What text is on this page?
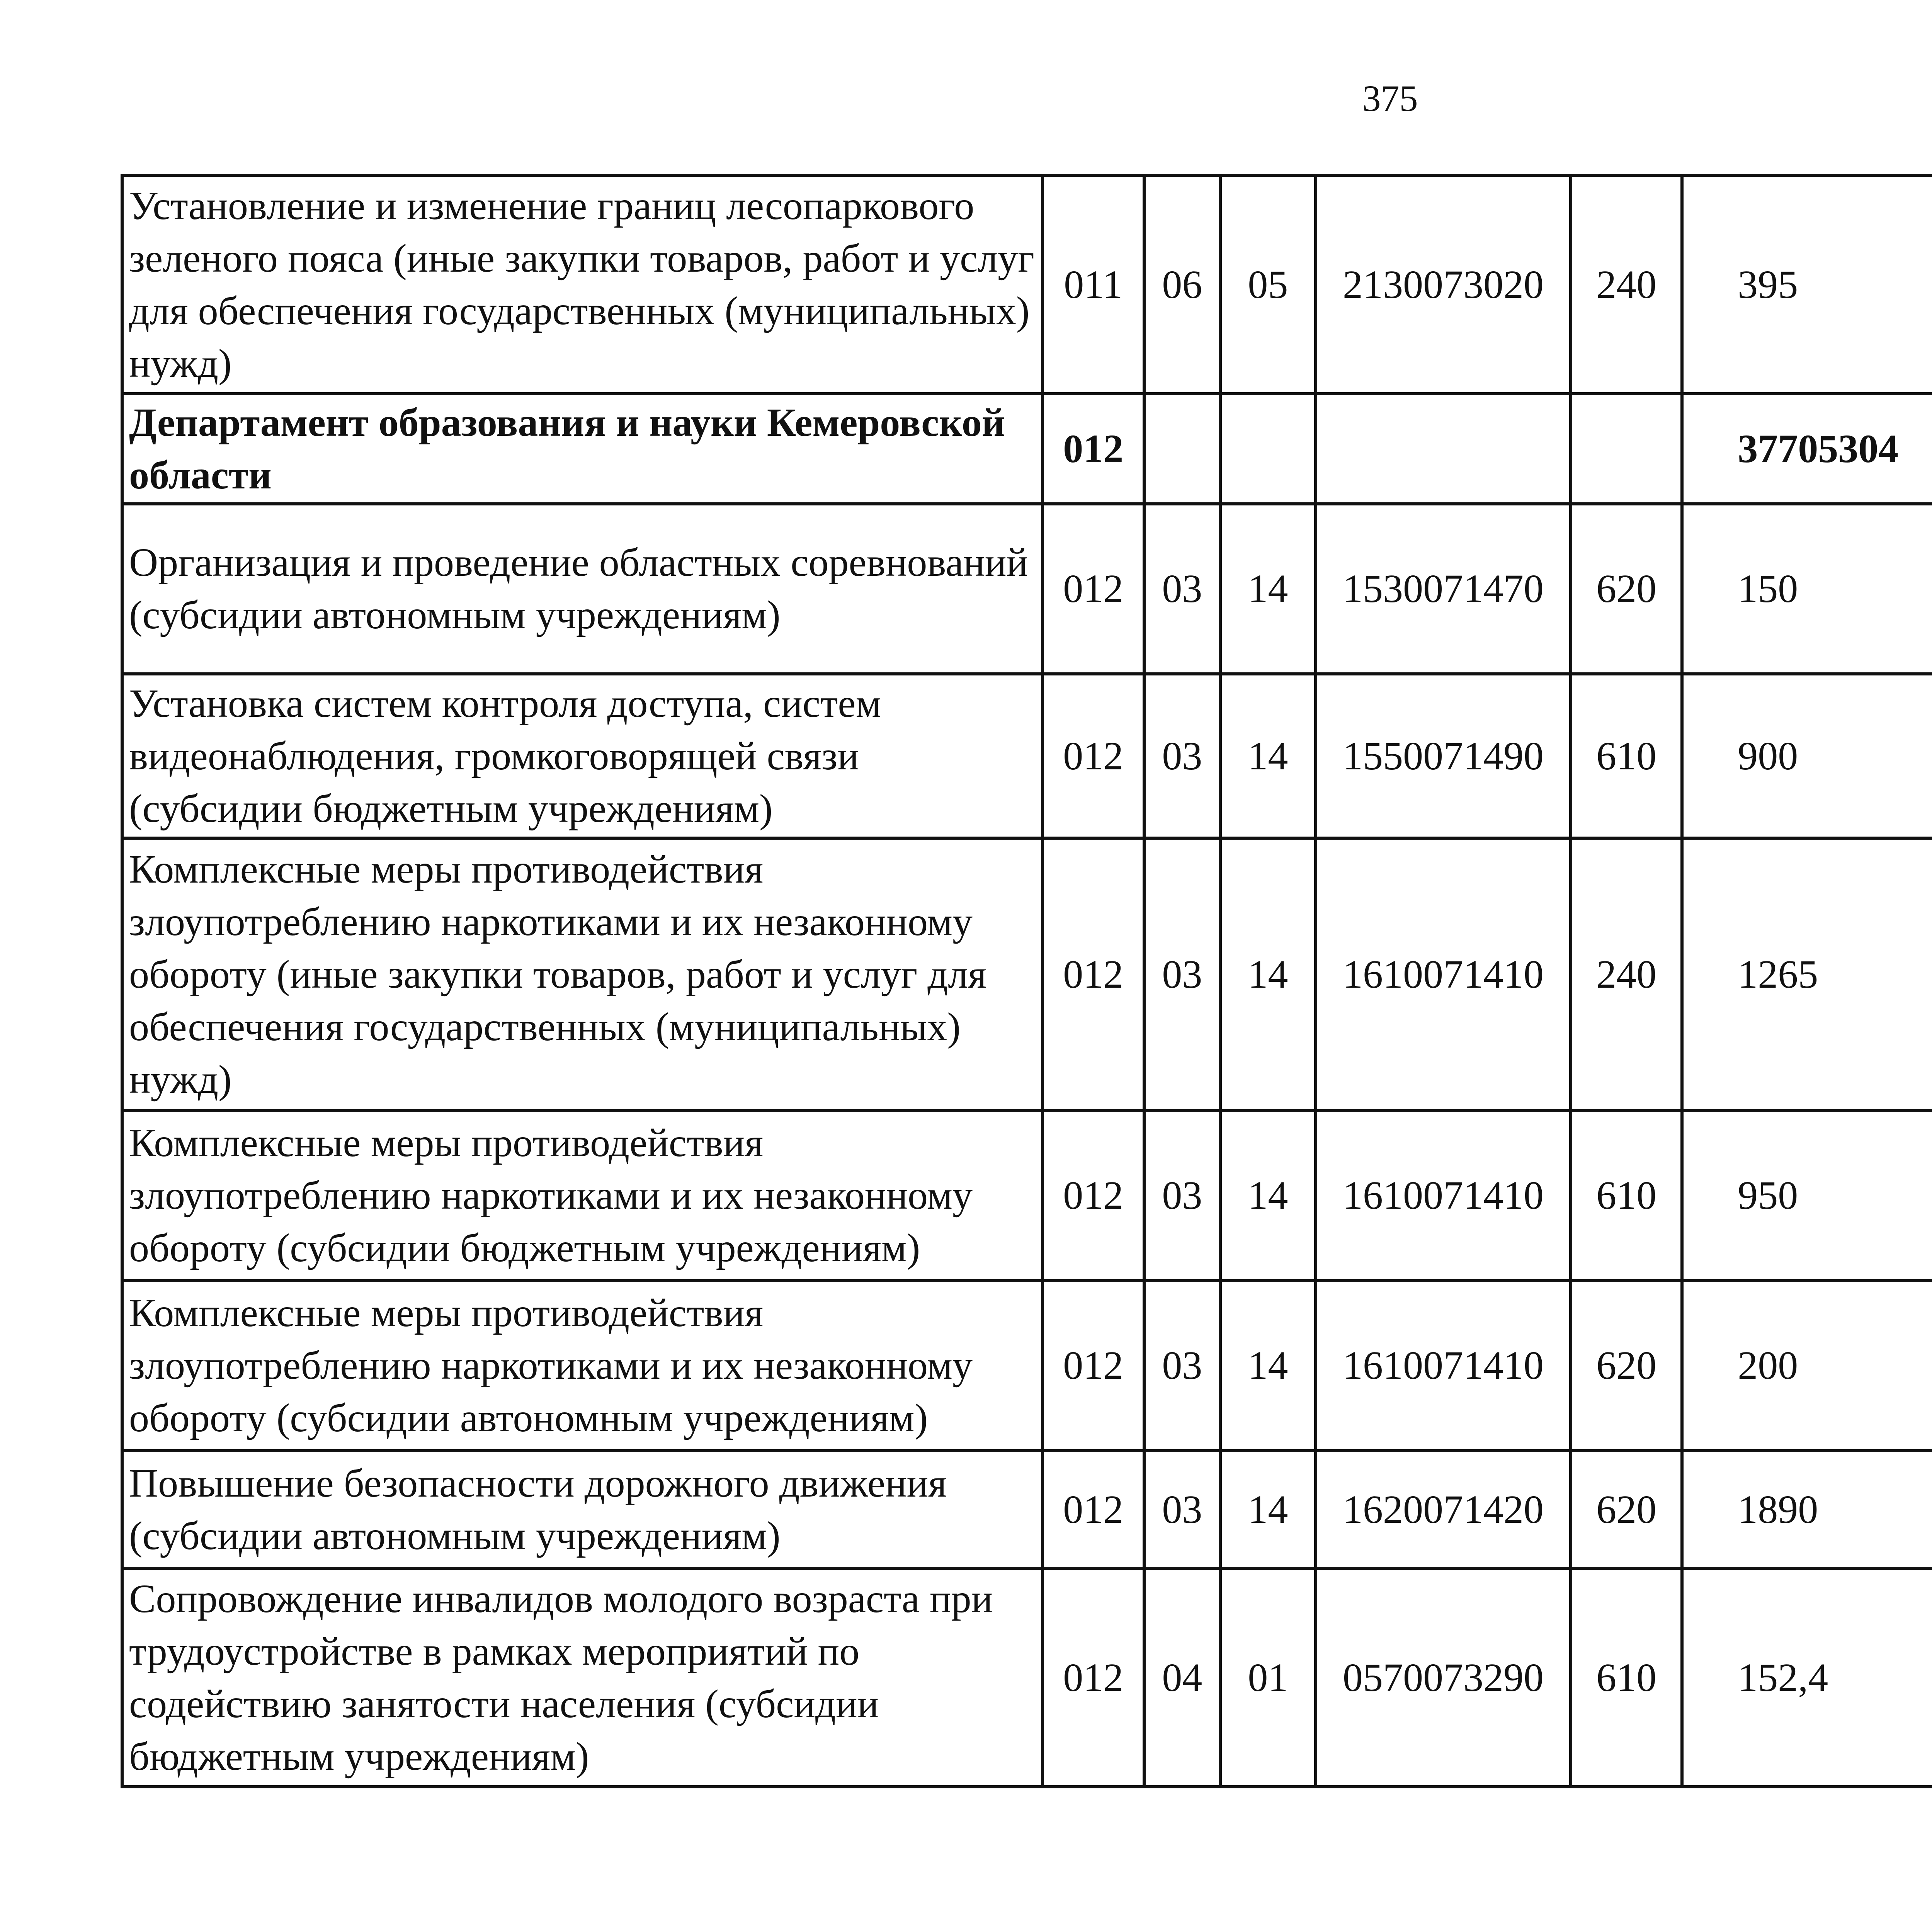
375
Установление и изменение границ лесопаркового зеленого пояса (иные закупки товаров, работ и услуг для обеспечения государственных (муниципальных) нужд)	011	06	05	2130073020	240	395		
Департамент образования и науки Кемеровской области	012					37705304		
Организация и проведение областных соревнований (субсидии автономным учреждениям)	012	03	14	1530071470	620	150		
Установка систем контроля доступа, систем видеонаблюдения, громкоговорящей связи (субсидии бюджетным учреждениям)	012	03	14	1550071490	610	900		
Комплексные меры противодействия злоупотреблению наркотиками и их незаконному обороту (иные закупки товаров, работ и услуг для обеспечения государственных (муниципальных) нужд)	012	03	14	1610071410	240	1265		
Комплексные меры противодействия злоупотреблению наркотиками и их незаконному обороту (субсидии бюджетным учреждениям)	012	03	14	1610071410	610	950		
Комплексные меры противодействия злоупотреблению наркотиками и их незаконному обороту (субсидии автономным учреждениям)	012	03	14	1610071410	620	200		
Повышение безопасности дорожного движения (субсидии автономным учреждениям)	012	03	14	1620071420	620	1890		
Сопровождение инвалидов молодого возраста при трудоустройстве в рамках мероприятий по содействию занятости населения (субсидии бюджетным учреждениям)	012	04	01	0570073290	610	152,4		
